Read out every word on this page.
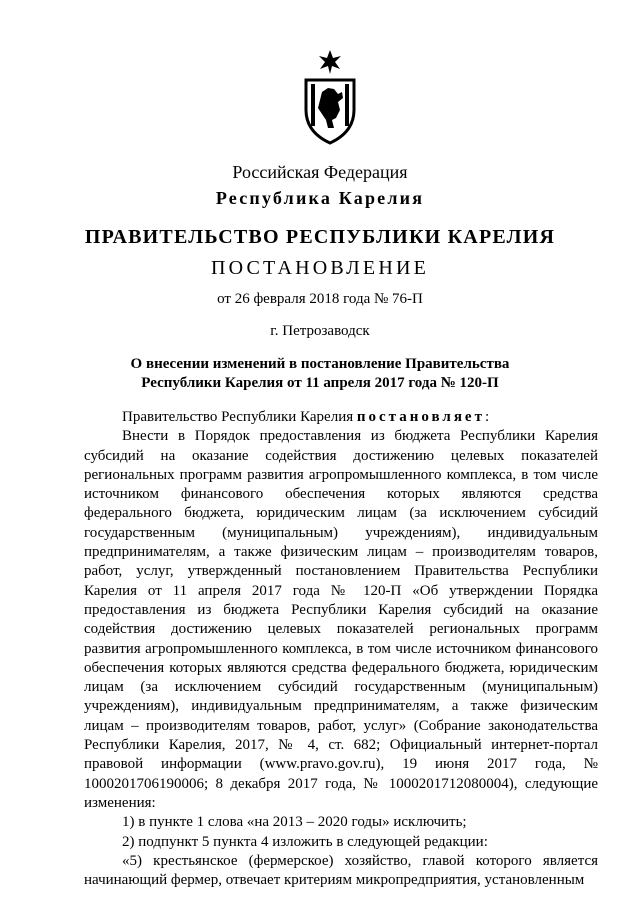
Российская Федерация
Республика Карелия
ПРАВИТЕЛЬСТВО РЕСПУБЛИКИ КАРЕЛИЯ
ПОСТАНОВЛЕНИЕ
от 26 февраля 2018 года № 76-П
г. Петрозаводск
О внесении изменений в постановление Правительства
Республики Карелия от 11 апреля 2017 года № 120-П

Правительство Республики Карелия постановляет:

Внести в Порядок предоставления из бюджета Республики Карелия субсидий на оказание содействия достижению целевых показателей региональных программ развития агропромышленного комплекса, в том числе источником финансового обеспечения которых являются средства федерального бюджета, юридическим лицам (за исключением субсидий государственным (муниципальным) учреждениям), индивидуальным предпринимателям, а также физическим лицам – производителям товаров, работ, услуг, утвержденный постановлением Правительства Республики Карелия от 11 апреля 2017 года № 120-П «Об утверждении Порядка предоставления из бюджета Республики Карелия субсидий на оказание содействия достижению целевых показателей региональных программ развития агропромышленного комплекса, в том числе источником финансового обеспечения которых являются средства федерального бюджета, юридическим лицам (за исключением субсидий государственным (муниципальным) учреждениям), индивидуальным предпринимателям, а также физическим лицам – производителям товаров, работ, услуг» (Собрание законодательства Республики Карелия, 2017, № 4, ст. 682; Официальный интернет-портал правовой информации (www.pravo.gov.ru), 19 июня 2017 года, № 1000201706190006; 8 декабря 2017 года, № 1000201712080004), следующие изменения:

1) в пункте 1 слова «на 2013 – 2020 годы» исключить;

2) подпункт 5 пункта 4 изложить в следующей редакции:

«5) крестьянское (фермерское) хозяйство, главой которого является начинающий фермер, отвечает критериям микропредприятия, установленным
